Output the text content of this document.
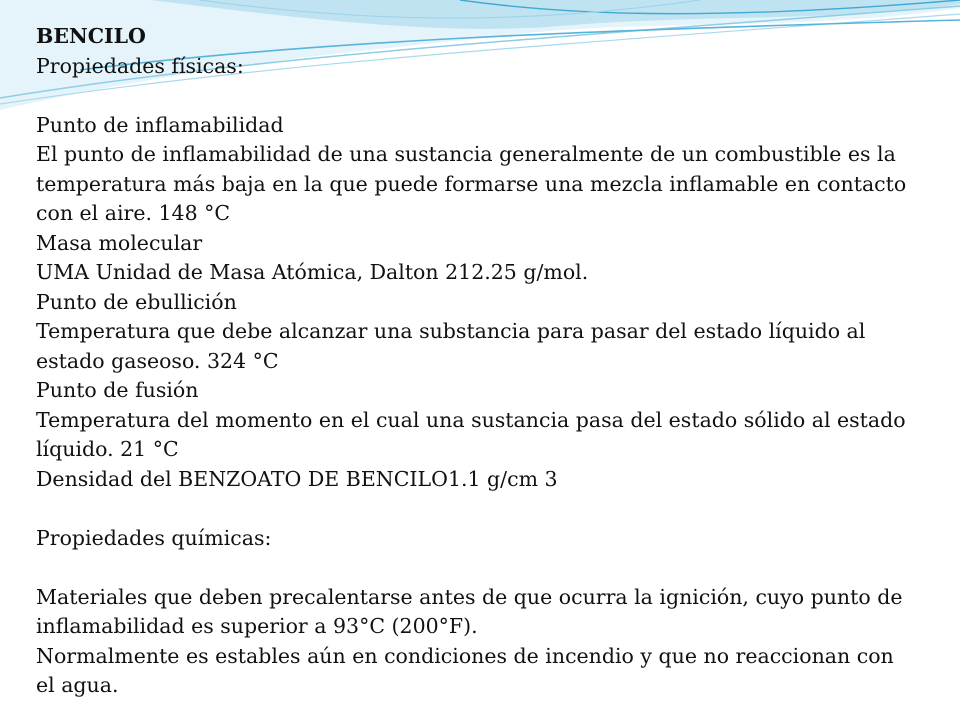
BENCILO
Propiedades físicas:
Punto de inflamabilidad
El punto de inflamabilidad de una sustancia generalmente de un combustible es la temperatura más baja en la que puede formarse una mezcla inflamable en contacto con el aire. 148 °C
Masa molecular
UMA Unidad de Masa Atómica, Dalton 212.25 g/mol.
Punto de ebullición
Temperatura que debe alcanzar una substancia para pasar del estado líquido al estado gaseoso. 324 °C
Punto de fusión
Temperatura del momento en el cual una sustancia pasa del estado sólido al estado líquido. 21 °C
Densidad del BENZOATO DE BENCILO1.1 g/cm 3
Propiedades químicas:
Materiales que deben precalentarse antes de que ocurra la ignición, cuyo punto de inflamabilidad es superior a 93°C (200°F).
Normalmente es estables aún en condiciones de incendio y que no reaccionan con el agua.
